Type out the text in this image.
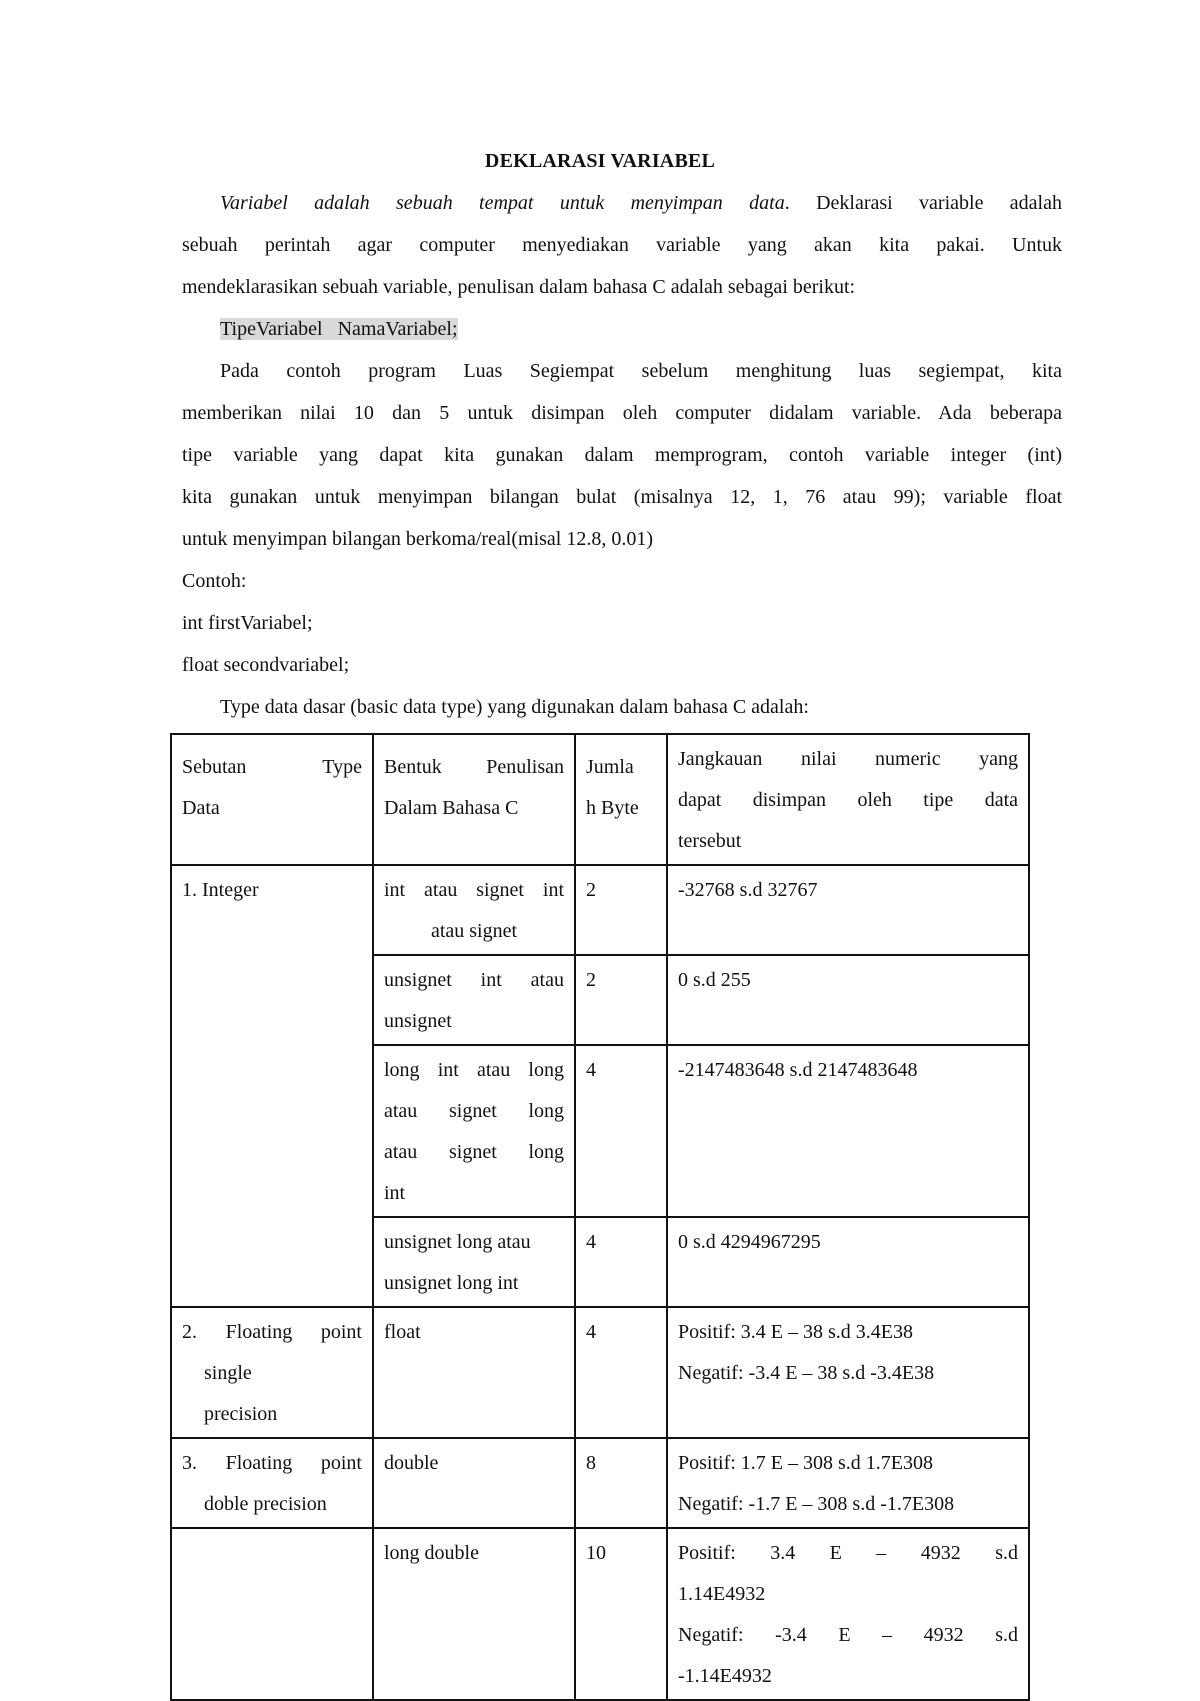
DEKLARASI VARIABEL
Variabel adalah sebuah tempat untuk menyimpan data. Deklarasi variable adalah
sebuah perintah agar computer menyediakan variable yang akan kita pakai. Untuk
mendeklarasikan sebuah variable, penulisan dalam bahasa C adalah sebagai berikut:
TipeVariabel   NamaVariabel;
Pada contoh program Luas Segiempat sebelum menghitung luas segiempat, kita
memberikan nilai 10 dan 5 untuk disimpan oleh computer didalam variable. Ada beberapa
tipe variable yang dapat kita gunakan dalam memprogram, contoh variable integer (int)
kita gunakan untuk menyimpan bilangan bulat (misalnya 12, 1, 76 atau 99); variable float
untuk menyimpan bilangan berkoma/real(misal 12.8, 0.01)
Contoh:
int firstVariabel;
float secondvariabel;
Type data dasar (basic data type) yang digunakan dalam bahasa C adalah:
Sebutan Type
Data	Bentuk Penulisan
Dalam Bahasa C	Jumla
h Byte	Jangkauan nilai numeric yang
dapat disimpan oleh tipe data
tersebut

1. Integer	int atau signet int
atau signet	2	-32768 s.d 32767

	unsignet int atau
unsignet	2	0 s.d 255

	long int atau long
atau signet long
atau signet long
int	4	-2147483648 s.d 2147483648

	unsignet long atau
unsignet long int	4	0 s.d 4294967295

2. Floating point
single
precision	float	4	Positif: 3.4 E – 38 s.d 3.4E38
Negatif: -3.4 E – 38 s.d -3.4E38

3. Floating point
doble precision	double	8	Positif: 1.7 E – 308 s.d 1.7E308
Negatif: -1.7 E – 308 s.d -1.7E308

	long double	10	Positif: 3.4 E – 4932 s.d
1.14E4932
Negatif: -3.4 E – 4932 s.d
-1.14E4932
